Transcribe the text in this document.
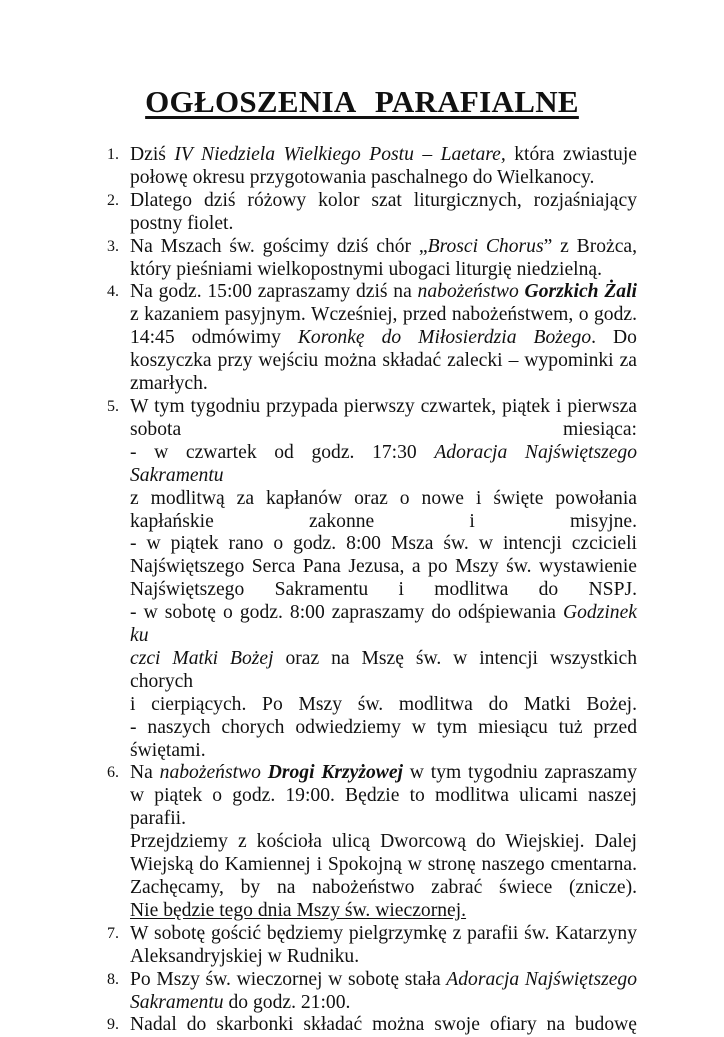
OGŁOSZENIA PARAFIALNE
1. Dziś IV Niedziela Wielkiego Postu – Laetare, która zwiastuje
połowę okresu przygotowania paschalnego do Wielkanocy.
2. Dlatego dziś różowy kolor szat liturgicznych, rozjaśniający
postny fiolet.
3. Na Mszach św. gościmy dziś chór „Brosci Chorus” z Brożca,
który pieśniami wielkopostnymi ubogaci liturgię niedzielną.
4. Na godz. 15:00 zapraszamy dziś na nabożeństwo Gorzkich Żali
z kazaniem pasyjnym. Wcześniej, przed nabożeństwem, o godz.
14:45 odmówimy Koronkę do Miłosierdzia Bożego. Do
koszyczka przy wejściu można składać zalecki – wypominki za
zmarłych.
5. W tym tygodniu przypada pierwszy czwartek, piątek i pierwsza
sobota miesiąca:
- w czwartek od godz. 17:30 Adoracja Najświętszego Sakramentu
z modlitwą za kapłanów oraz o nowe i święte powołania
kapłańskie zakonne i misyjne.
- w piątek rano o godz. 8:00 Msza św. w intencji czcicieli
Najświętszego Serca Pana Jezusa, a po Mszy św. wystawienie
Najświętszego Sakramentu i modlitwa do NSPJ.
- w sobotę o godz. 8:00 zapraszamy do odśpiewania Godzinek ku
czci Matki Bożej oraz na Mszę św. w intencji wszystkich chorych
i cierpiących. Po Mszy św. modlitwa do Matki Bożej.
- naszych chorych odwiedziemy w tym miesiącu tuż przed
świętami.
6. Na nabożeństwo Drogi Krzyżowej w tym tygodniu zapraszamy
w piątek o godz. 19:00. Będzie to modlitwa ulicami naszej parafii.
Przejdziemy z kościoła ulicą Dworcową do Wiejskiej. Dalej
Wiejską do Kamiennej i Spokojną w stronę naszego cmentarna.
Zachęcamy, by na nabożeństwo zabrać świece (znicze).
Nie będzie tego dnia Mszy św. wieczornej.
7. W sobotę gościć będziemy pielgrzymkę z parafii św. Katarzyny
Aleksandryjskiej w Rudniku.
8. Po Mszy św. wieczornej w sobotę stała Adoracja Najświętszego
Sakramentu do godz. 21:00.
9. Nadal do skarbonki składać można swoje ofiary na budowę
